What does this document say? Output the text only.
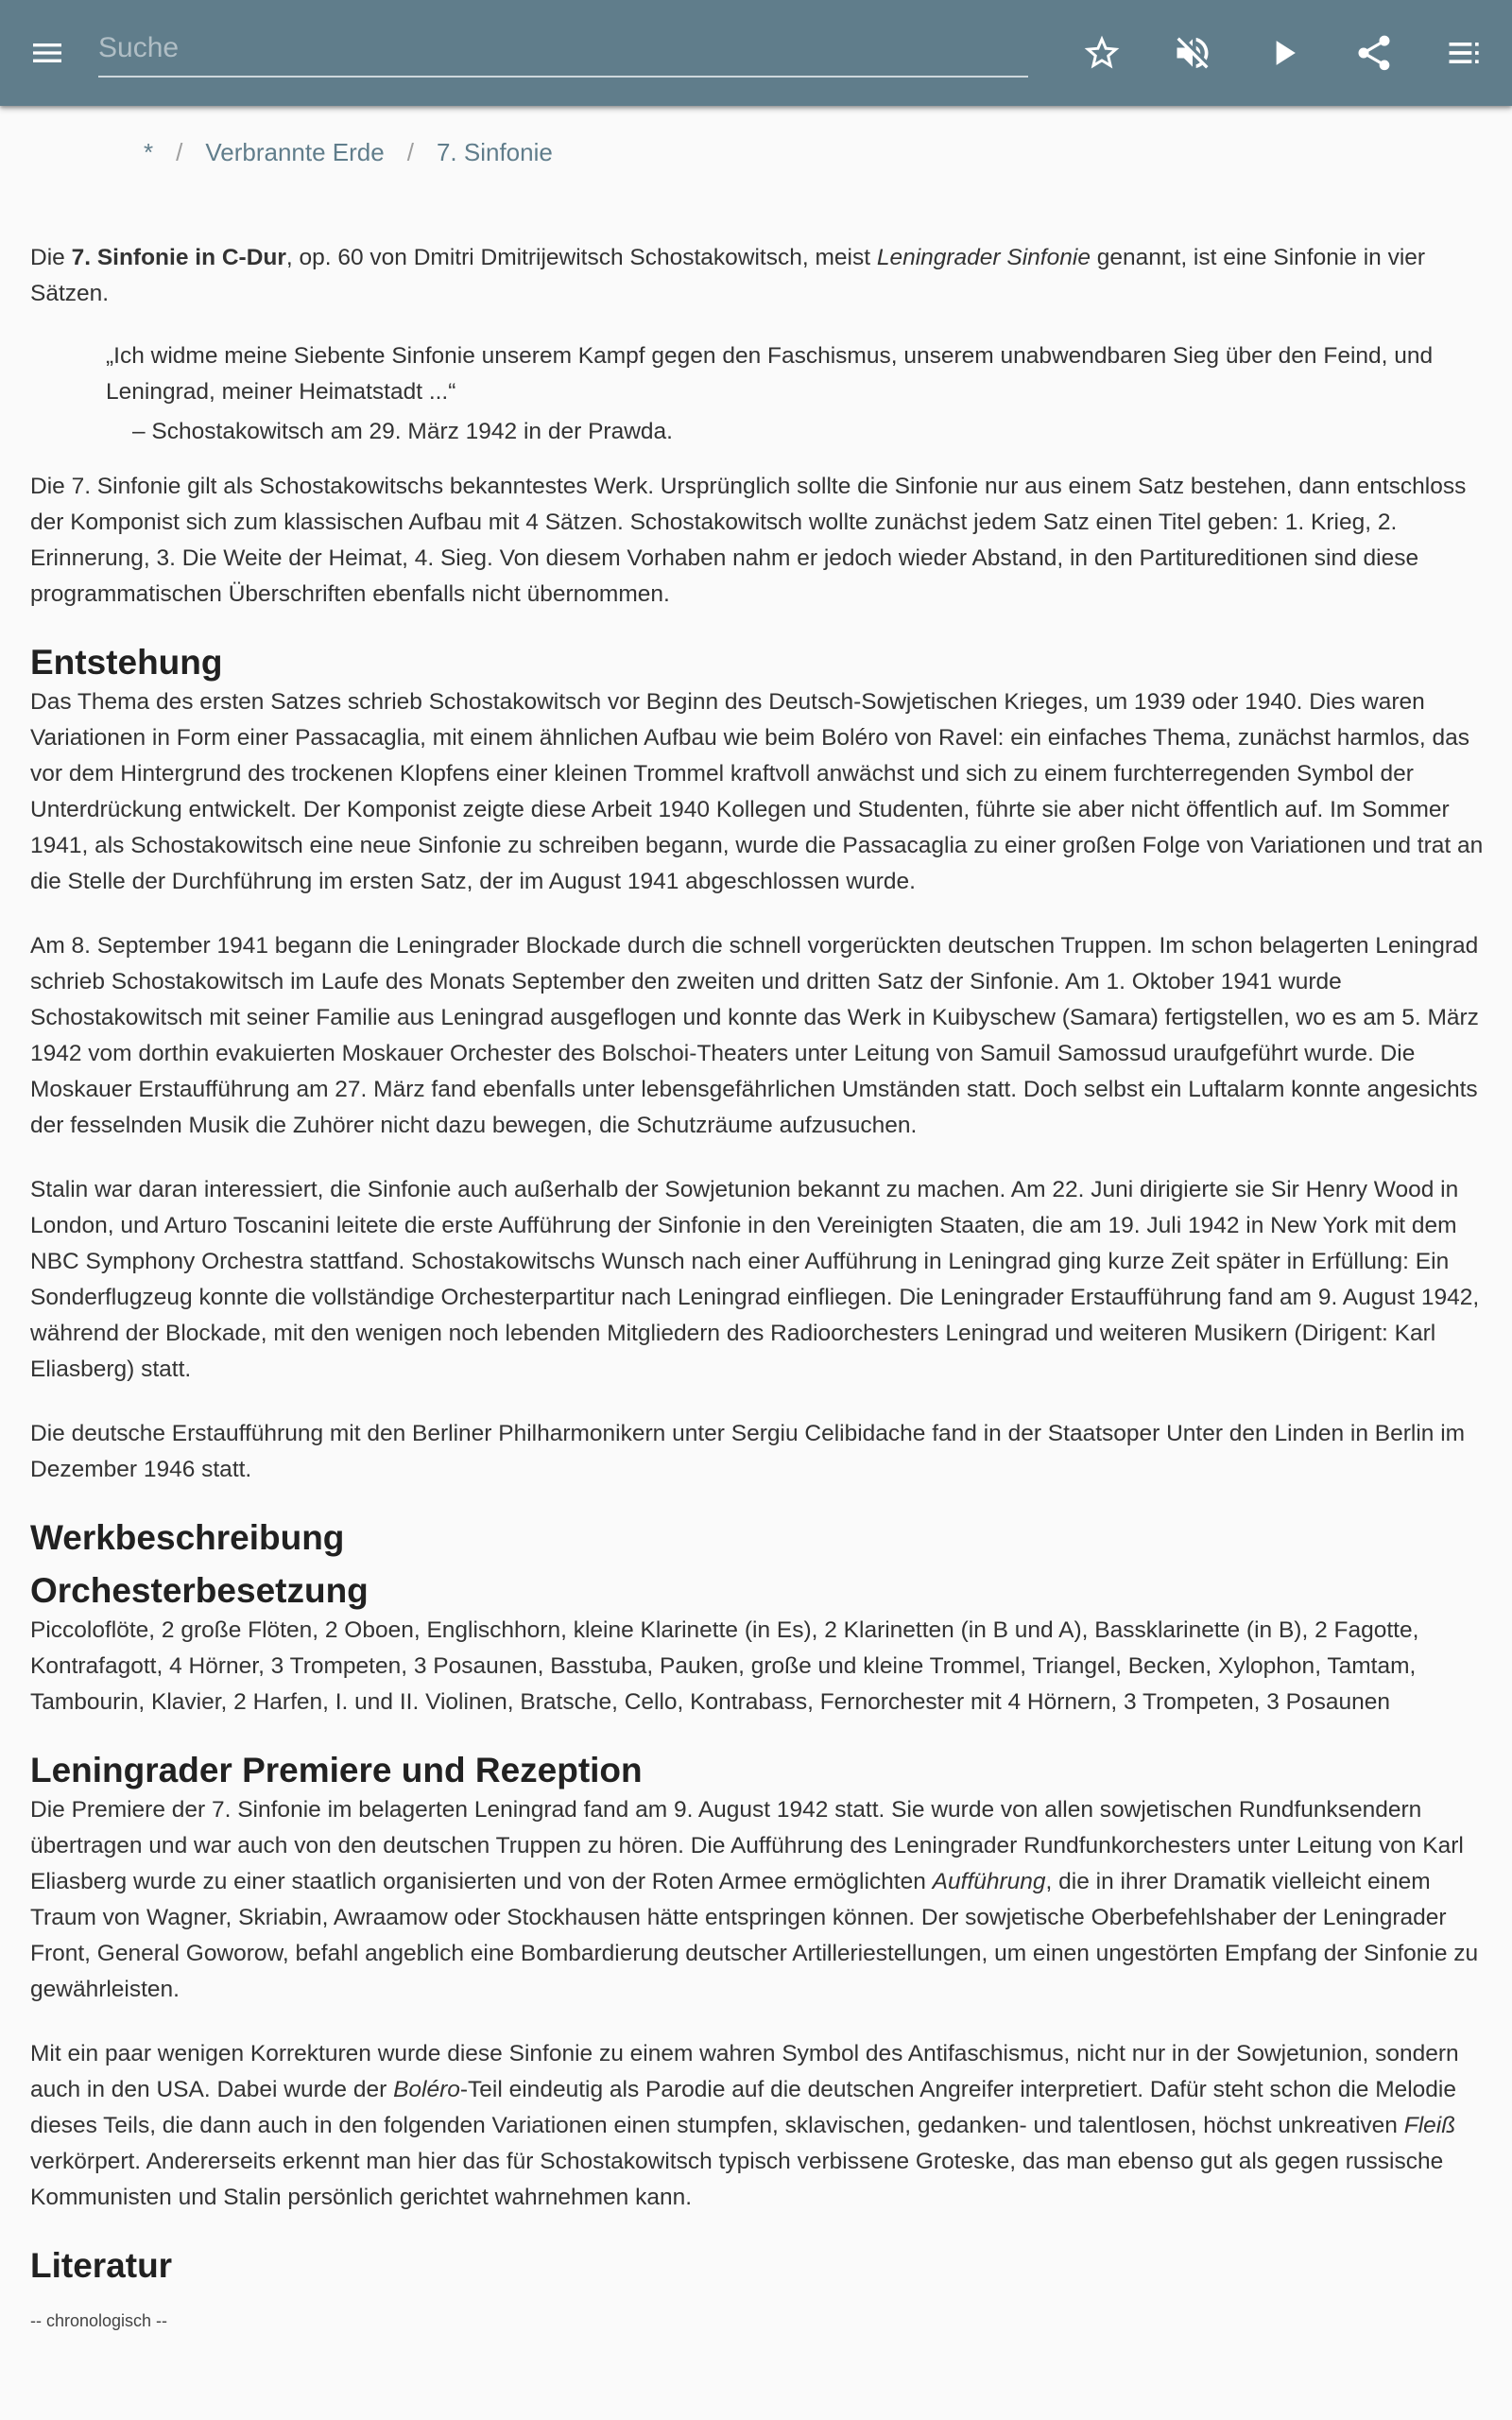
Suche
* / Verbrannte Erde / 7. Sinfonie

Die 7. Sinfonie in C-Dur, op. 60 von Dmitri Dmitrijewitsch Schostakowitsch, meist Leningrader Sinfonie genannt, ist eine Sinfonie in vier Sätzen.

„Ich widme meine Siebente Sinfonie unserem Kampf gegen den Faschismus, unserem unabwendbaren Sieg über den Feind, und Leningrad, meiner Heimatstadt ...“
– Schostakowitsch am 29. März 1942 in der Prawda.

Die 7. Sinfonie gilt als Schostakowitschs bekanntestes Werk. Ursprünglich sollte die Sinfonie nur aus einem Satz bestehen, dann entschloss der Komponist sich zum klassischen Aufbau mit 4 Sätzen. Schostakowitsch wollte zunächst jedem Satz einen Titel geben: 1. Krieg, 2. Erinnerung, 3. Die Weite der Heimat, 4. Sieg. Von diesem Vorhaben nahm er jedoch wieder Abstand, in den Partitureditionen sind diese programmatischen Überschriften ebenfalls nicht übernommen.

Entstehung

Das Thema des ersten Satzes schrieb Schostakowitsch vor Beginn des Deutsch-Sowjetischen Krieges, um 1939 oder 1940. Dies waren Variationen in Form einer Passacaglia, mit einem ähnlichen Aufbau wie beim Boléro von Ravel: ein einfaches Thema, zunächst harmlos, das vor dem Hintergrund des trockenen Klopfens einer kleinen Trommel kraftvoll anwächst und sich zu einem furchterregenden Symbol der Unterdrückung entwickelt. Der Komponist zeigte diese Arbeit 1940 Kollegen und Studenten, führte sie aber nicht öffentlich auf. Im Sommer 1941, als Schostakowitsch eine neue Sinfonie zu schreiben begann, wurde die Passacaglia zu einer großen Folge von Variationen und trat an die Stelle der Durchführung im ersten Satz, der im August 1941 abgeschlossen wurde.

Am 8. September 1941 begann die Leningrader Blockade durch die schnell vorgerückten deutschen Truppen. Im schon belagerten Leningrad schrieb Schostakowitsch im Laufe des Monats September den zweiten und dritten Satz der Sinfonie. Am 1. Oktober 1941 wurde Schostakowitsch mit seiner Familie aus Leningrad ausgeflogen und konnte das Werk in Kuibyschew (Samara) fertigstellen, wo es am 5. März 1942 vom dorthin evakuierten Moskauer Orchester des Bolschoi-Theaters unter Leitung von Samuil Samossud uraufgeführt wurde. Die Moskauer Erstaufführung am 27. März fand ebenfalls unter lebensgefährlichen Umständen statt. Doch selbst ein Luftalarm konnte angesichts der fesselnden Musik die Zuhörer nicht dazu bewegen, die Schutzräume aufzusuchen.

Stalin war daran interessiert, die Sinfonie auch außerhalb der Sowjetunion bekannt zu machen. Am 22. Juni dirigierte sie Sir Henry Wood in London, und Arturo Toscanini leitete die erste Aufführung der Sinfonie in den Vereinigten Staaten, die am 19. Juli 1942 in New York mit dem NBC Symphony Orchestra stattfand. Schostakowitschs Wunsch nach einer Aufführung in Leningrad ging kurze Zeit später in Erfüllung: Ein Sonderflugzeug konnte die vollständige Orchesterpartitur nach Leningrad einfliegen. Die Leningrader Erstaufführung fand am 9. August 1942, während der Blockade, mit den wenigen noch lebenden Mitgliedern des Radioorchesters Leningrad und weiteren Musikern (Dirigent: Karl Eliasberg) statt.

Die deutsche Erstaufführung mit den Berliner Philharmonikern unter Sergiu Celibidache fand in der Staatsoper Unter den Linden in Berlin im Dezember 1946 statt.

Werkbeschreibung
Orchesterbesetzung

Piccoloflöte, 2 große Flöten, 2 Oboen, Englischhorn, kleine Klarinette (in Es), 2 Klarinetten (in B und A), Bassklarinette (in B), 2 Fagotte, Kontrafagott, 4 Hörner, 3 Trompeten, 3 Posaunen, Basstuba, Pauken, große und kleine Trommel, Triangel, Becken, Xylophon, Tamtam, Tambourin, Klavier, 2 Harfen, I. und II. Violinen, Bratsche, Cello, Kontrabass, Fernorchester mit 4 Hörnern, 3 Trompeten, 3 Posaunen

Leningrader Premiere und Rezeption

Die Premiere der 7. Sinfonie im belagerten Leningrad fand am 9. August 1942 statt. Sie wurde von allen sowjetischen Rundfunksendern übertragen und war auch von den deutschen Truppen zu hören. Die Aufführung des Leningrader Rundfunkorchesters unter Leitung von Karl Eliasberg wurde zu einer staatlich organisierten und von der Roten Armee ermöglichten Aufführung, die in ihrer Dramatik vielleicht einem Traum von Wagner, Skriabin, Awraamow oder Stockhausen hätte entspringen können. Der sowjetische Oberbefehlshaber der Leningrader Front, General Goworow, befahl angeblich eine Bombardierung deutscher Artilleriestellungen, um einen ungestörten Empfang der Sinfonie zu gewährleisten.

Mit ein paar wenigen Korrekturen wurde diese Sinfonie zu einem wahren Symbol des Antifaschismus, nicht nur in der Sowjetunion, sondern auch in den USA. Dabei wurde der Boléro-Teil eindeutig als Parodie auf die deutschen Angreifer interpretiert. Dafür steht schon die Melodie dieses Teils, die dann auch in den folgenden Variationen einen stumpfen, sklavischen, gedanken- und talentlosen, höchst unkreativen Fleiß verkörpert. Andererseits erkennt man hier das für Schostakowitsch typisch verbissene Groteske, das man ebenso gut als gegen russische Kommunisten und Stalin persönlich gerichtet wahrnehmen kann.

Literatur
-- chronologisch --
